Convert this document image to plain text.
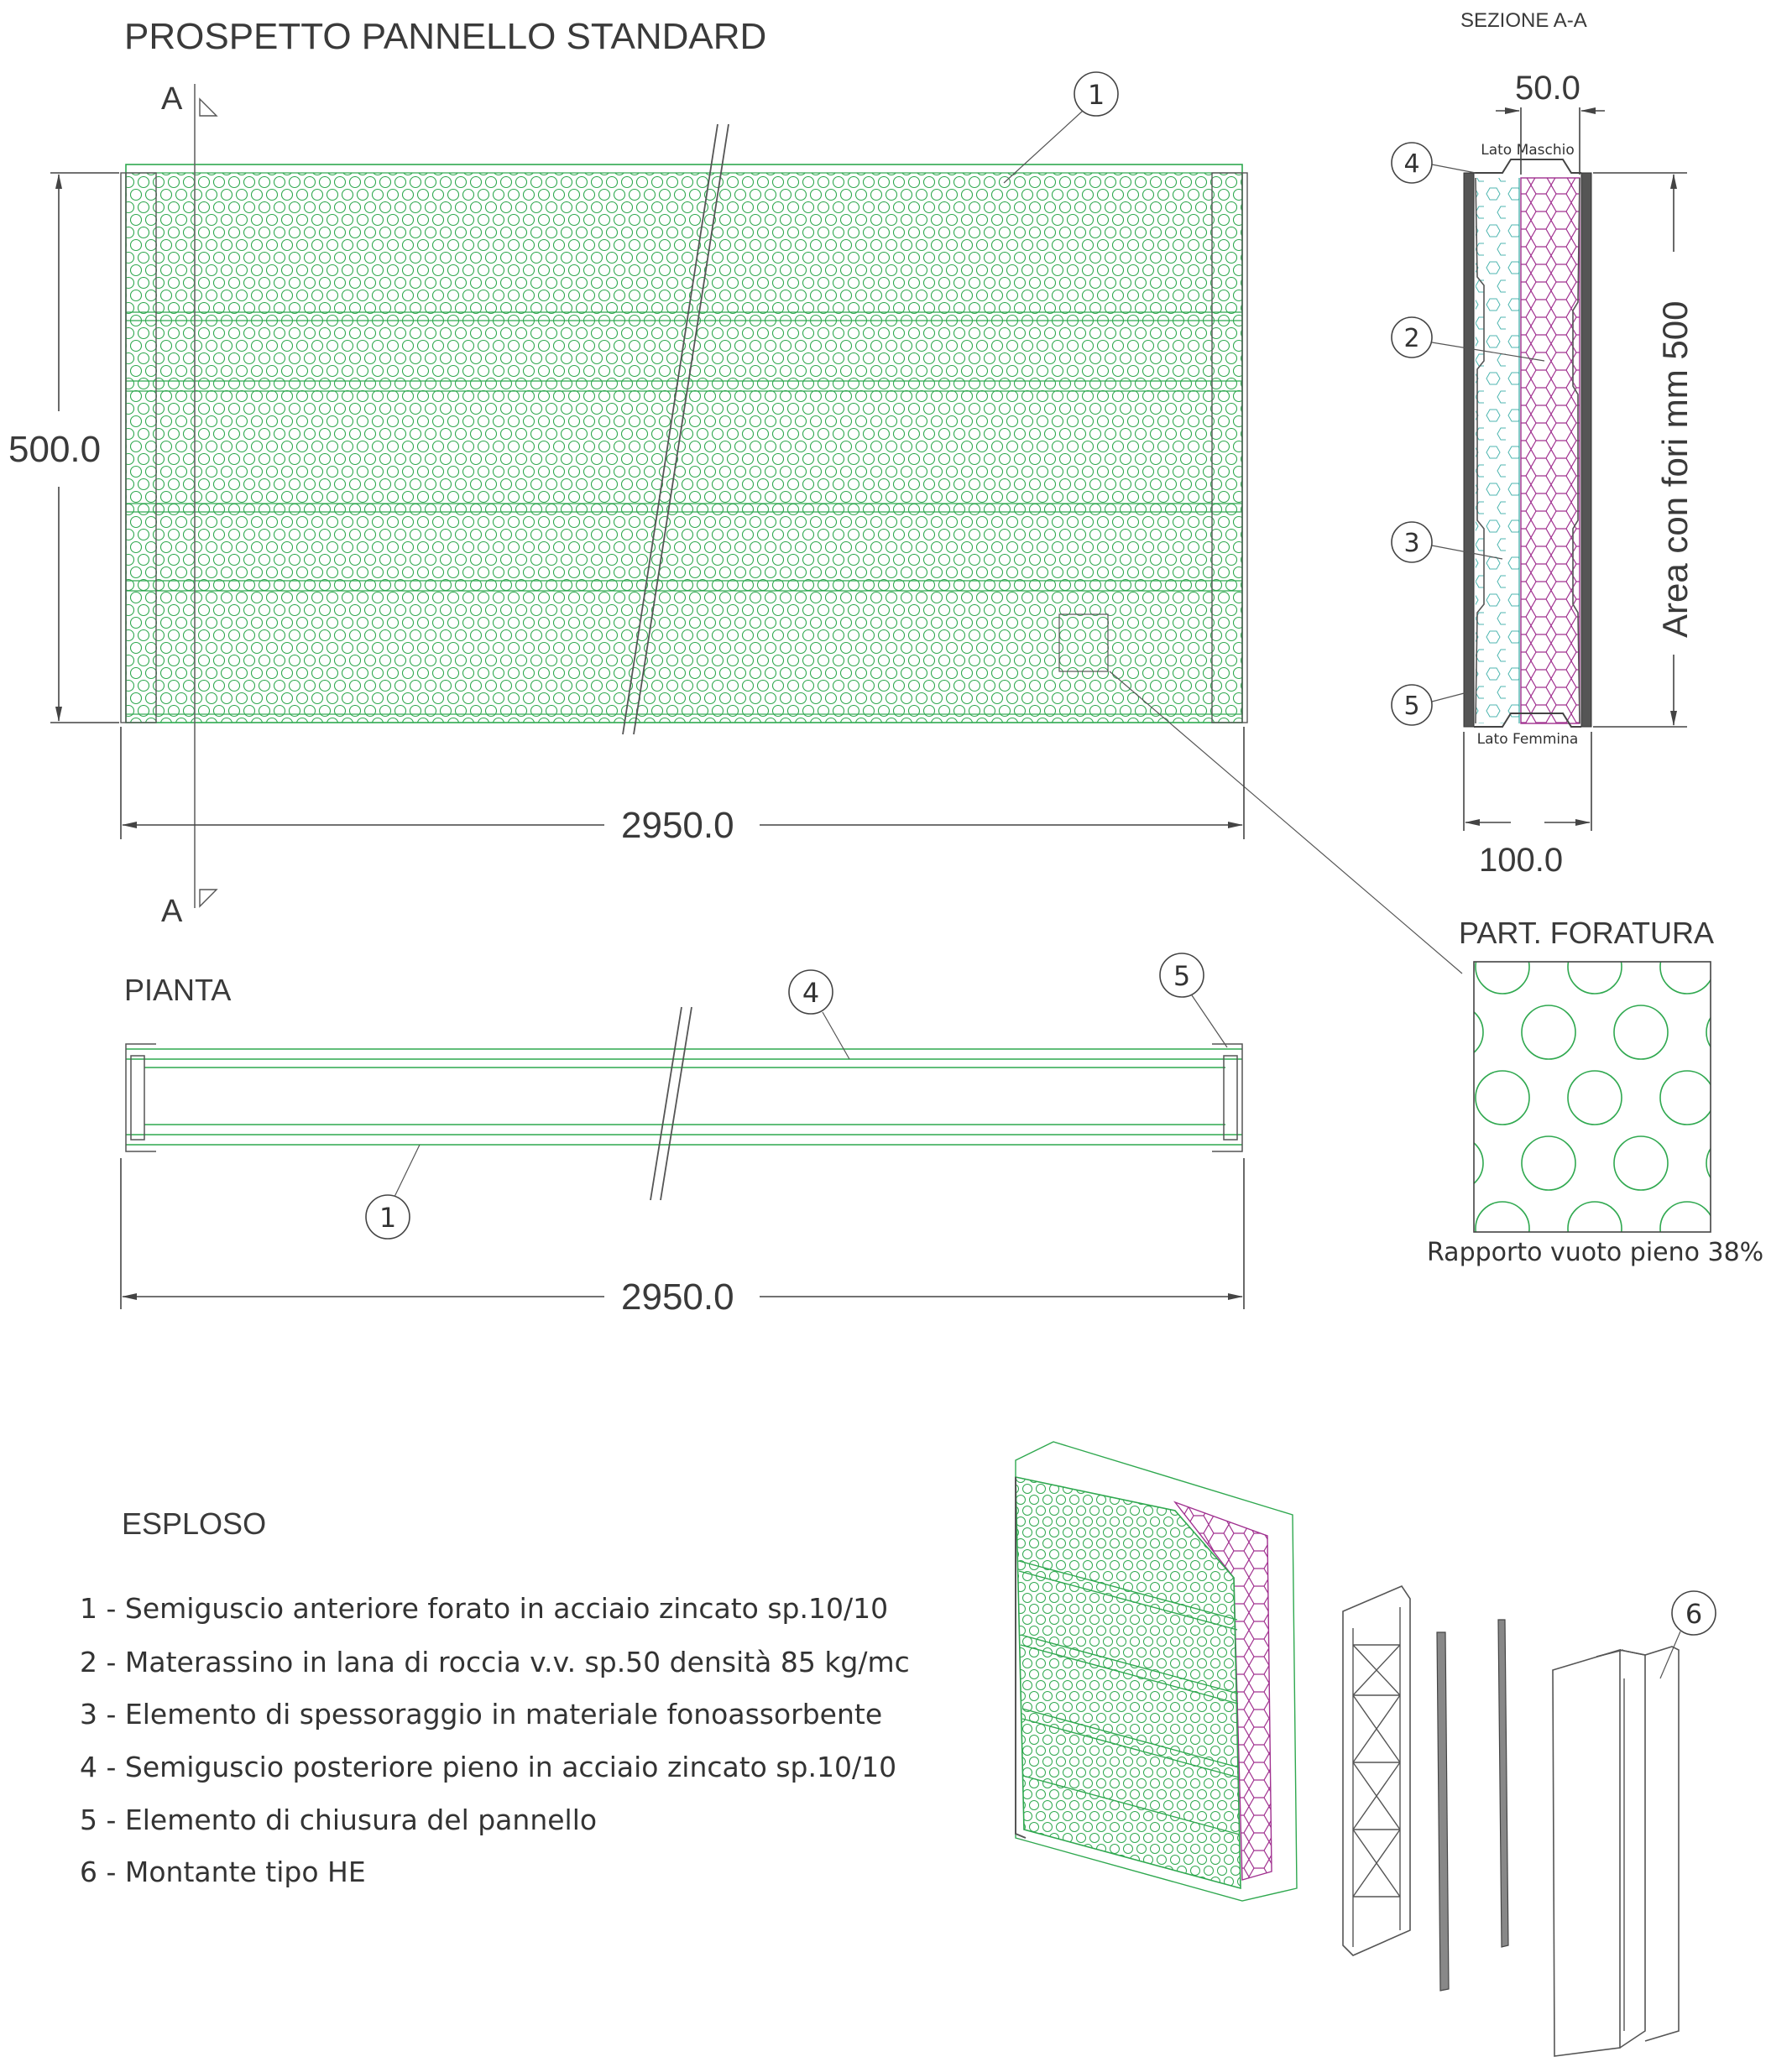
PROSPETTO PANNELLO STANDARD
A
A
500.0
2950.0
1
PIANTA	4
5
1
2950.0
SEZIONE A-A
Lato Maschio
Lato Femmina
50.0
100.0
Area con fori mm 500
4
2
3
5
PART. FORATURA
Rapporto vuoto pieno 38%
ESPLOSO
1 - Semiguscio anteriore forato in acciaio zincato sp.10/10
2 - Materassino in lana di roccia v.v. sp.50 densità 85 kg/mc
3 - Elemento di spessoraggio in materiale fonoassorbente
4 - Semiguscio posteriore pieno in acciaio zincato sp.10/10
5 - Elemento di chiusura del pannello
6 - Montante tipo HE
6
